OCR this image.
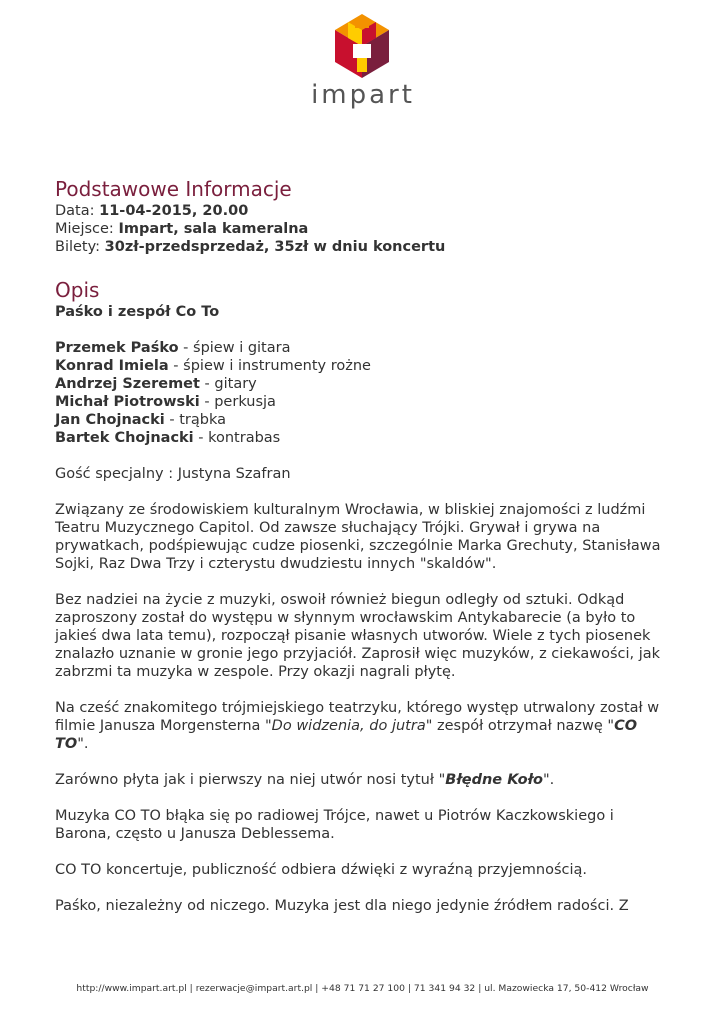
impart
Podstawowe Informacje

Data: 11-04-2015, 20.00

Miejsce: Impart, sala kameralna

Bilety: 30zł-przedsprzedaż, 35zł w dniu koncertu

Opis

Paśko i zespół Co To

Przemek Paśko - śpiew i gitara

Konrad Imiela - śpiew i instrumenty rożne

Andrzej Szeremet - gitary

Michał Piotrowski - perkusja

Jan Chojnacki - trąbka

Bartek Chojnacki - kontrabas

Gość specjalny : Justyna Szafran

Związany ze środowiskiem kulturalnym Wrocławia, w bliskiej znajomości z ludźmi Teatru Muzycznego Capitol. Od zawsze słuchający Trójki. Grywał i grywa na prywatkach, podśpiewując cudze piosenki, szczególnie Marka Grechuty, Stanisława Sojki, Raz Dwa Trzy i czterystu dwudziestu innych "skaldów".

Bez nadziei na życie z muzyki, oswoił również biegun odległy od sztuki. Odkąd zaproszony został do występu w słynnym wrocławskim Antykabarecie (a było to jakieś dwa lata temu), rozpoczął pisanie własnych utworów. Wiele z tych piosenek znalazło uznanie w gronie jego przyjaciół. Zaprosił więc muzyków, z ciekawości, jak zabrzmi ta muzyka w zespole. Przy okazji nagrali płytę.

Na cześć znakomitego trójmiejskiego teatrzyku, którego występ utrwalony został w filmie Janusza Morgensterna "Do widzenia, do jutra" zespół otrzymał nazwę "CO TO".

Zarówno płyta jak i pierwszy na niej utwór nosi tytuł "Błędne Koło".

Muzyka CO TO błąka się po radiowej Trójce, nawet u Piotrów Kaczkowskiego i Barona, często u Janusza Deblessema.

CO TO koncertuje, publiczność odbiera dźwięki z wyraźną przyjemnością.

Paśko, niezależny od niczego. Muzyka jest dla niego jedynie źródłem radości. Z

http://www.impart.art.pl | rezerwacje@impart.art.pl | +48 71 71 27 100 | 71 341 94 32 | ul. Mazowiecka 17, 50-412 Wrocław
